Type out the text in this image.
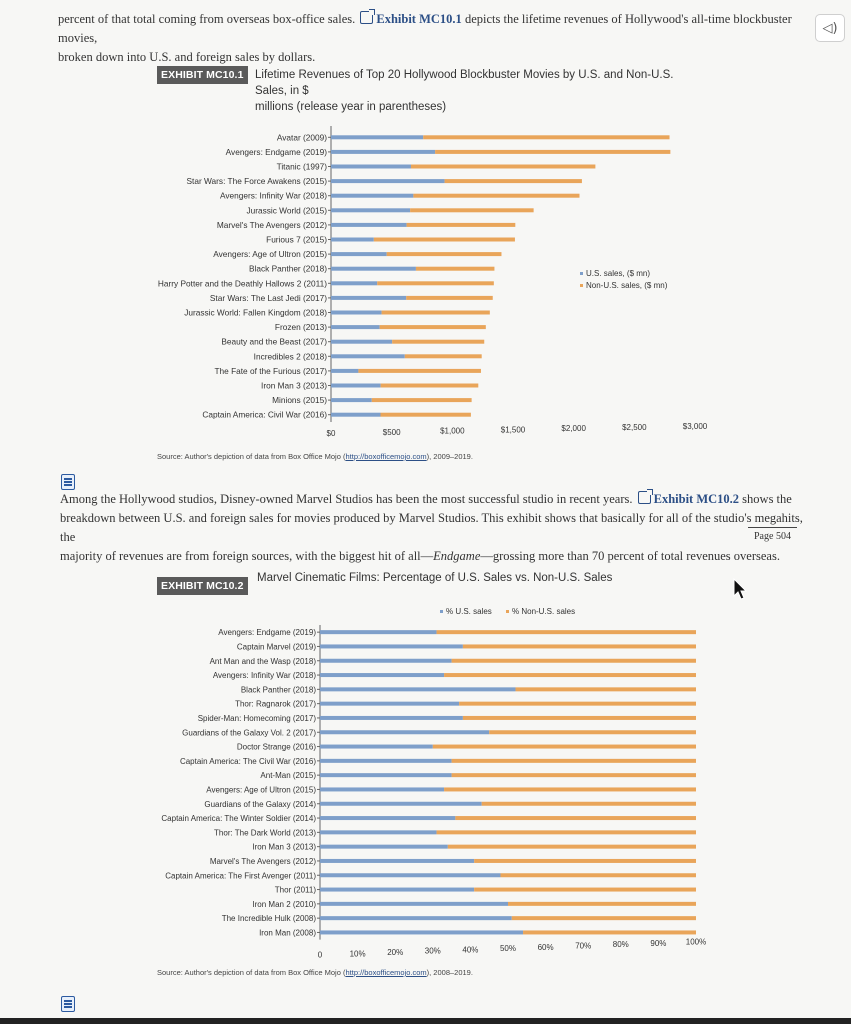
percent of that total coming from overseas box-office sales. Exhibit MC10.1 depicts the lifetime revenues of Hollywood's all-time blockbuster movies,
broken down into U.S. and foreign sales by dollars.
◁)
EXHIBIT MC10.1 Lifetime Revenues of Top 20 Hollywood Blockbuster Movies by U.S. and Non-U.S. Sales, in $
millions (release year in parentheses)
Avatar (2009)
Avengers: Endgame (2019)
Titanic (1997)
Star Wars: The Force Awakens (2015)
Avengers: Infinity War (2018)
Jurassic World (2015)
Marvel's The Avengers (2012)
Furious 7 (2015)
Avengers: Age of Ultron (2015)
Black Panther (2018)
Harry Potter and the Deathly Hallows 2 (2011)
Star Wars: The Last Jedi (2017)
Jurassic World: Fallen Kingdom (2018)
Frozen (2013)
Beauty and the Beast (2017)
Incredibles 2 (2018)
The Fate of the Furious (2017)
Iron Man 3 (2013)
Minions (2015)
Captain America: Civil War (2016)
$0	$500	$1,000	$1,500	$2,000	$2,500	$3,000
U.S. sales, ($ mn)
Non-U.S. sales, ($ mn)
Source: Author's depiction of data from Box Office Mojo (http://boxofficemojo.com), 2009–2019.
Among the Hollywood studios, Disney-owned Marvel Studios has been the most successful studio in recent years. Exhibit MC10.2 shows the
breakdown between U.S. and foreign sales for movies produced by Marvel Studios. This exhibit shows that basically for all of the studio's megahits, the
majority of revenues are from foreign sources, with the biggest hit of all—Endgame—grossing more than 70 percent of total revenues overseas.
Page 504
EXHIBIT MC10.2
Marvel Cinematic Films: Percentage of U.S. Sales vs. Non-U.S. Sales
% U.S. sales	% Non-U.S. sales
Avengers: Endgame (2019)
Captain Marvel (2019)
Ant Man and the Wasp (2018)
Avengers: Infinity War (2018)
Black Panther (2018)
Thor: Ragnarok (2017)
Spider-Man: Homecoming (2017)
Guardians of the Galaxy Vol. 2 (2017)
Doctor Strange (2016)
Captain America: The Civil War (2016)
Ant-Man (2015)
Avengers: Age of Ultron (2015)
Guardians of the Galaxy (2014)
Captain America: The Winter Soldier (2014)
Thor: The Dark World (2013)
Iron Man 3 (2013)
Marvel's The Avengers (2012)
Captain America: The First Avenger (2011)
Thor (2011)
Iron Man 2 (2010)
The Incredible Hulk (2008)
Iron Man (2008)
0	10%	20%	30%	40%	50%	60%	70%	80%	90% 100%
Source: Author's depiction of data from Box Office Mojo (http://boxofficemojo.com), 2008–2019.
